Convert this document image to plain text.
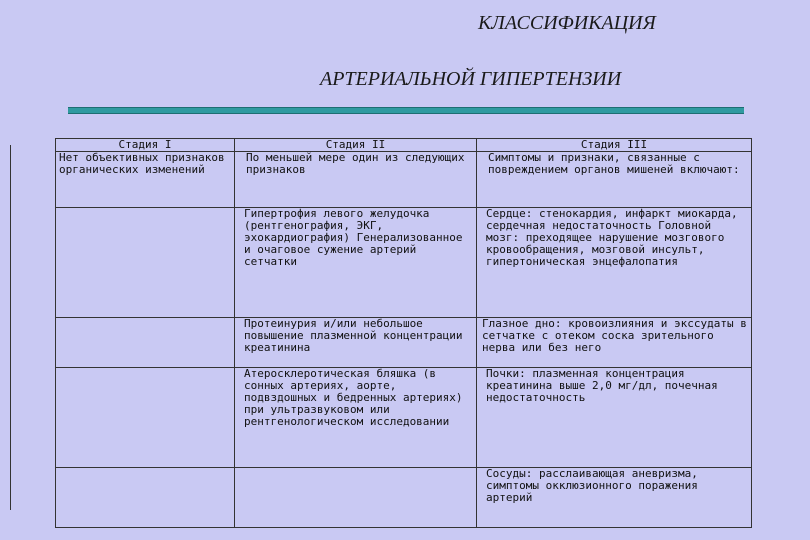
КЛАССИФИКАЦИЯ
АРТЕРИАЛЬНОЙ ГИПЕРТЕНЗИИ
Стадия I	Стадия II	Стадия III

Нет объективных признаков органических изменений	По меньшей мере один из следующих признаков	Симптомы и признаки, связанные с повреждением органов мишеней включают:

	Гипертрофия левого желудочка (рентгенография, ЭКГ, эхокардиография) Генерализованное и очаговое сужение артерий сетчатки	Сердце: стенокардия, инфаркт миокарда, сердечная недостаточность Головной мозг: преходящее нарушение мозгового кровообращения, мозговой инсульт, гипертоническая энцефалопатия

	Протеинурия и/или небольшое повышение плазменной концентрации креатинина	Глазное дно: кровоизлияния и экссудаты в сетчатке с отеком соска зрительного нерва или без него

	Атеросклеротическая бляшка (в сонных артериях, аорте, подвздошных и бедренных артериях) при ультразвуковом или рентгенологическом исследовании	Почки: плазменная концентрация креатинина выше 2,0 мг/дл, почечная недостаточность

		Сосуды: расслаивающая аневризма, симптомы окклюзионного поражения артерий
